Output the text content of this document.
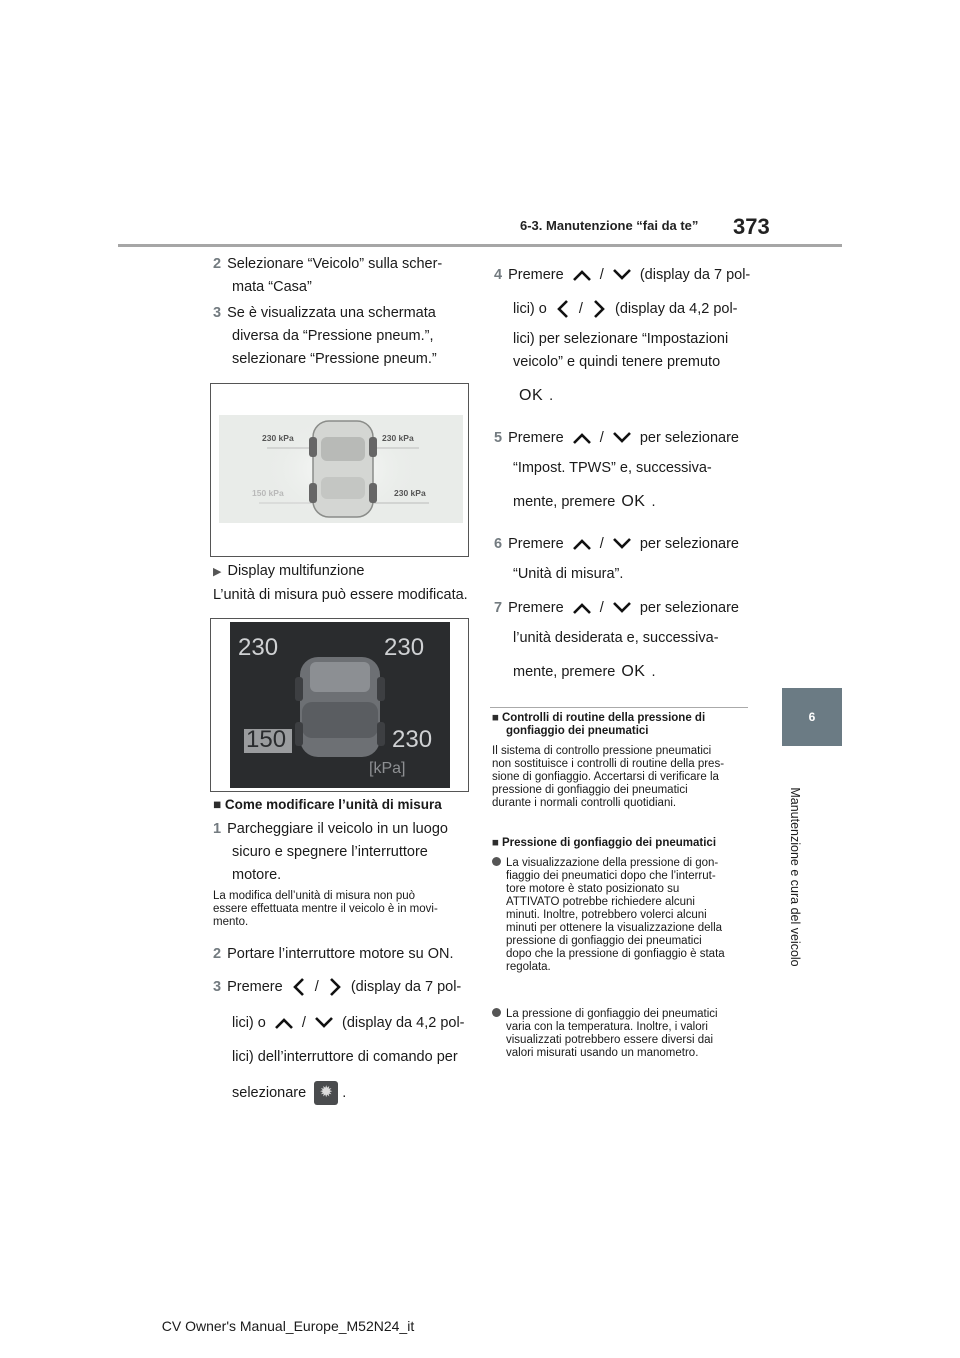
6-3. Manutenzione “fai da te” 373
6
Manutenzione e cura del veicolo
2 Selezionare “Veicolo” sulla scher-
mata “Casa”
3 Se è visualizzata una schermata
diversa da “Pressione pneum.”,
selezionare “Pressione pneum.”
230 kPa	230 kPa
150 kPa	230 kPa
▶ Display multifunzione
L’unità di misura può essere modificata.
230	230
150	230
[kPa]
■ Come modificare l’unità di misura
1 Parcheggiare il veicolo in un luogo
sicuro e spegnere l’interruttore
motore.
La modifica dell’unità di misura non può
essere effettuata mentre il veicolo è in movi-
mento.
2 Portare l’interruttore motore su ON.
3 Premere / (display da 7 pol-
lici) o / (display da 4,2 pol-
lici) dell’interruttore di comando per
selezionare ✹ .
4 Premere / (display da 7 pol-
lici) o / (display da 4,2 pol-
lici) per selezionare “Impostazioni
veicolo” e quindi tenere premuto
OK .
5 Premere / per selezionare
“Impost. TPWS” e, successiva-
mente, premere OK .
6 Premere / per selezionare
“Unità di misura”.
7 Premere / per selezionare
l’unità desiderata e, successiva-
mente, premere OK .
■ Controlli di routine della pressione di
gonfiaggio dei pneumatici
Il sistema di controllo pressione pneumatici
non sostituisce i controlli di routine della pres-
sione di gonfiaggio. Accertarsi di verificare la
pressione di gonfiaggio dei pneumatici
durante i normali controlli quotidiani.
■ Pressione di gonfiaggio dei pneumatici
La visualizzazione della pressione di gon-
fiaggio dei pneumatici dopo che l’interrut-
tore motore è stato posizionato su
ATTIVATO potrebbe richiedere alcuni
minuti. Inoltre, potrebbero volerci alcuni
minuti per ottenere la visualizzazione della
pressione di gonfiaggio dei pneumatici
dopo che la pressione di gonfiaggio è stata
regolata.
La pressione di gonfiaggio dei pneumatici
varia con la temperatura. Inoltre, i valori
visualizzati potrebbero essere diversi dai
valori misurati usando un manometro.
CV Owner's Manual_Europe_M52N24_it
